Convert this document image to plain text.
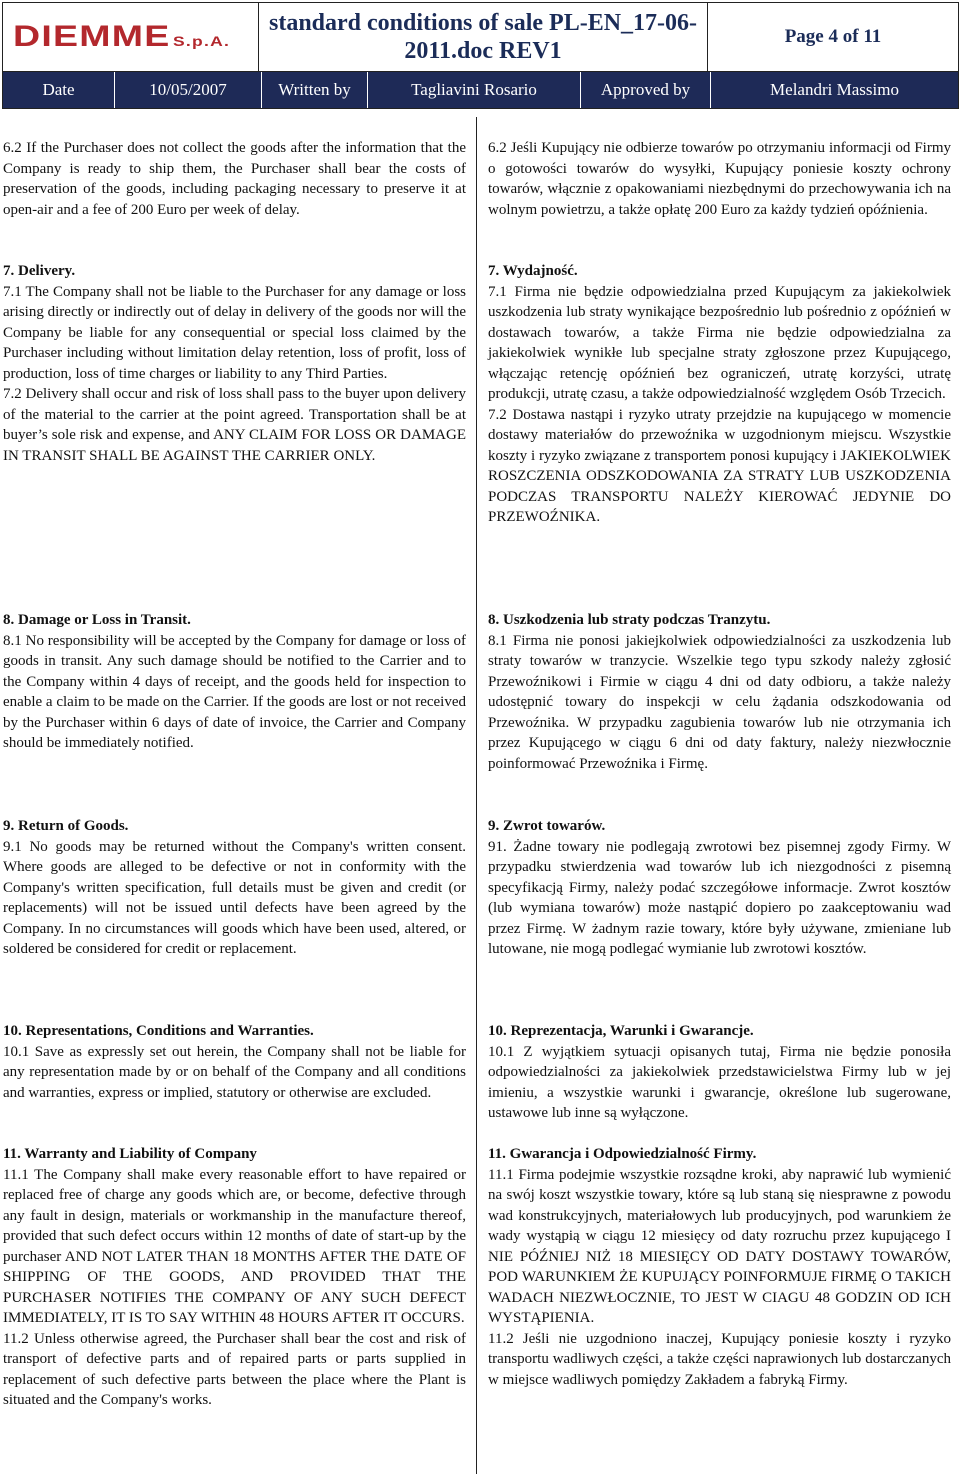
DIEMME S.p.A.
standard conditions of sale PL-EN_17-06-2011.doc REV1
Page 4 of 11
Date	10/05/2007	Written by	Tagliavini Rosario	Approved by	Melandri Massimo

6.2 If the Purchaser does not collect the goods after the information that the Company is ready to ship them, the Purchaser shall bear the costs of preservation of the goods, including packaging necessary to preserve it at open-air and a fee of 200 Euro per week of delay.

7. Delivery.

7.1 The Company shall not be liable to the Purchaser for any damage or loss arising directly or indirectly out of delay in delivery of the goods nor will the Company be liable for any consequential or special loss claimed by the Purchaser including without limitation delay retention, loss of profit, loss of production, loss of time charges or liability to any Third Parties.

7.2 Delivery shall occur and risk of loss shall pass to the buyer upon delivery of the material to the carrier at the point agreed. Transportation shall be at buyer’s sole risk and expense, and ANY CLAIM FOR LOSS OR DAMAGE IN TRANSIT SHALL BE AGAINST THE CARRIER ONLY.

8. Damage or Loss in Transit.

8.1 No responsibility will be accepted by the Company for damage or loss of goods in transit. Any such damage should be notified to the Carrier and to the Company within 4 days of receipt, and the goods held for inspection to enable a claim to be made on the Carrier. If the goods are lost or not received by the Purchaser within 6 days of date of invoice, the Carrier and Company should be immediately notified.

9. Return of Goods.

9.1 No goods may be returned without the Company's written consent. Where goods are alleged to be defective or not in conformity with the Company's written specification, full details must be given and credit (or replacements) will not be issued until defects have been agreed by the Company. In no circumstances will goods which have been used, altered, or soldered be considered for credit or replacement.

10. Representations, Conditions and Warranties.

10.1 Save as expressly set out herein, the Company shall not be liable for any representation made by or on behalf of the Company and all conditions and warranties, express or implied, statutory or otherwise are excluded.

11. Warranty and Liability of Company

11.1 The Company shall make every reasonable effort to have repaired or replaced free of charge any goods which are, or become, defective through any fault in design, materials or workmanship in the manufacture thereof, provided that such defect occurs within 12 months of date of start-up by the purchaser AND NOT LATER THAN 18 MONTHS AFTER THE DATE OF SHIPPING OF THE GOODS, AND PROVIDED THAT THE PURCHASER NOTIFIES THE COMPANY OF ANY SUCH DEFECT IMMEDIATELY, IT IS TO SAY WITHIN 48 HOURS AFTER IT OCCURS.

11.2 Unless otherwise agreed, the Purchaser shall bear the cost and risk of transport of defective parts and of repaired parts or parts supplied in replacement of such defective parts between the place where the Plant is situated and the Company's works.

6.2 Jeśli Kupujący nie odbierze towarów po otrzymaniu informacji od Firmy o gotowości towarów do wysyłki, Kupujący poniesie koszty ochrony towarów, włącznie z opakowaniami niezbędnymi do przechowywania ich na wolnym powietrzu, a także opłatę 200 Euro za każdy tydzień opóźnienia.

7. Wydajność.

7.1 Firma nie będzie odpowiedzialna przed Kupującym za jakiekolwiek uszkodzenia lub straty wynikające bezpośrednio lub pośrednio z opóźnień w dostawach towarów, a także Firma nie będzie odpowiedzialna za jakiekolwiek wynikłe lub specjalne straty zgłoszone przez Kupującego, włączając retencję opóźnień bez ograniczeń, utratę korzyści, utratę produkcji, utratę czasu, a także odpowiedzialność względem Osób Trzecich.

7.2 Dostawa nastąpi i ryzyko utraty przejdzie na kupującego w momencie dostawy materiałów do przewoźnika w uzgodnionym miejscu. Wszystkie koszty i ryzyko związane z transportem ponosi kupujący i JAKIEKOLWIEK ROSZCZENIA ODSZKODOWANIA ZA STRATY LUB USZKODZENIA PODCZAS TRANSPORTU NALEŻY KIEROWAĆ JEDYNIE DO PRZEWOŹNIKA.

8. Uszkodzenia lub straty podczas Tranzytu.

8.1 Firma nie ponosi jakiejkolwiek odpowiedzialności za uszkodzenia lub straty towarów w tranzycie. Wszelkie tego typu szkody należy zgłosić Przewoźnikowi i Firmie w ciągu 4 dni od daty odbioru, a także należy udostępnić towary do inspekcji w celu żądania odszkodowania od Przewoźnika. W przypadku zagubienia towarów lub nie otrzymania ich przez Kupującego w ciągu 6 dni od daty faktury, należy niezwłocznie poinformować Przewoźnika i Firmę.

9. Zwrot towarów.

91. Żadne towary nie podlegają zwrotowi bez pisemnej zgody Firmy. W przypadku stwierdzenia wad towarów lub ich niezgodności z pisemną specyfikacją Firmy, należy podać szczegółowe informacje. Zwrot kosztów (lub wymiana towarów) może nastąpić dopiero po zaakceptowaniu wad przez Firmę. W żadnym razie towary, które były używane, zmieniane lub lutowane, nie mogą podlegać wymianie lub zwrotowi kosztów.

10. Reprezentacja, Warunki i Gwarancje.

10.1 Z wyjątkiem sytuacji opisanych tutaj, Firma nie będzie ponosiła odpowiedzialności za jakiekolwiek przedstawicielstwa Firmy lub w jej imieniu, a wszystkie warunki i gwarancje, określone lub sugerowane, ustawowe lub inne są wyłączone.

11. Gwarancja i Odpowiedzialność Firmy.

11.1 Firma podejmie wszystkie rozsądne kroki, aby naprawić lub wymienić na swój koszt wszystkie towary, które są lub staną się niesprawne z powodu wad konstrukcyjnych, materiałowych lub producyjnych, pod warunkiem że wady wystąpią w ciągu 12 miesięcy od daty rozruchu przez kupującego I NIE PÓŹNIEJ NIŻ 18 MIESIĘCY OD DATY DOSTAWY TOWARÓW, POD WARUNKIEM ŻE KUPUJĄCY POINFORMUJE FIRMĘ O TAKICH WADACH NIEZWŁOCZNIE, TO JEST W CIAGU 48 GODZIN OD ICH WYSTĄPIENIA.

11.2 Jeśli nie uzgodniono inaczej, Kupujący poniesie koszty i ryzyko transportu wadliwych części, a także części naprawionych lub dostarczanych w miejsce wadliwych pomiędzy Zakładem a fabryką Firmy.
